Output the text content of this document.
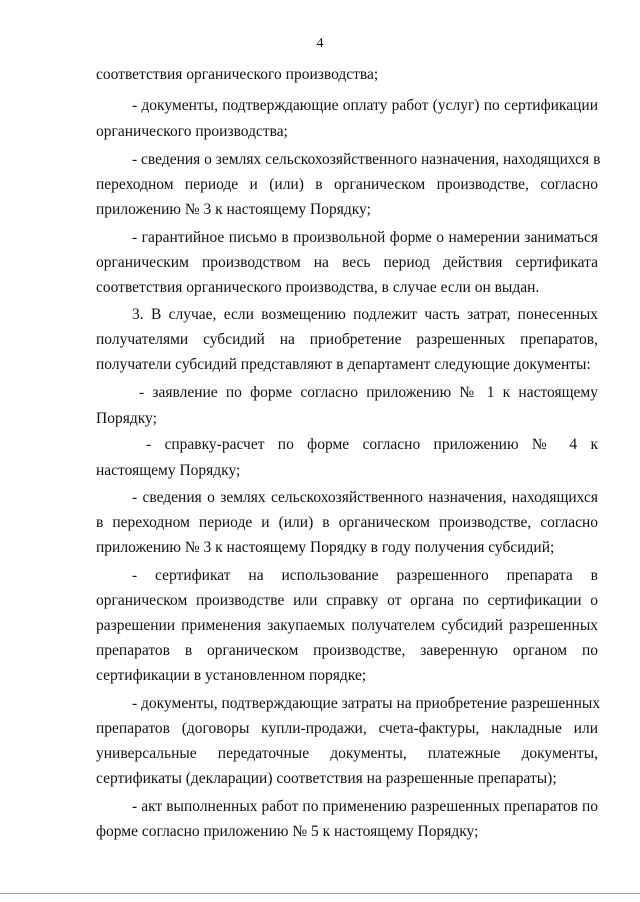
4
соответствия органического производства;
- документы, подтверждающие оплату работ (услуг) по сертификации
органического производства;
- сведения о землях сельскохозяйственного назначения, находящихся в
переходном периоде и (или) в органическом производстве, согласно
приложению № 3 к настоящему Порядку;
- гарантийное письмо в произвольной форме о намерении заниматься
органическим производством на весь период действия сертификата
соответствия органического производства, в случае если он выдан.
3. В случае, если возмещению подлежит часть затрат, понесенных
получателями субсидий на приобретение разрешенных препаратов,
получатели субсидий представляют в департамент следующие документы:
- заявление по форме согласно приложению № 1 к настоящему
Порядку;
- справку-расчет по форме согласно приложению № 4 к
настоящему Порядку;
- сведения о землях сельскохозяйственного назначения, находящихся
в переходном периоде и (или) в органическом производстве, согласно
приложению № 3 к настоящему Порядку в году получения субсидий;
- сертификат на использование разрешенного препарата в
органическом производстве или справку от органа по сертификации о
разрешении применения закупаемых получателем субсидий разрешенных
препаратов в органическом производстве, заверенную органом по
сертификации в установленном порядке;
- документы, подтверждающие затраты на приобретение разрешенных
препаратов (договоры купли-продажи, счета-фактуры, накладные или
универсальные передаточные документы, платежные документы,
сертификаты (декларации) соответствия на разрешенные препараты);
- акт выполненных работ по применению разрешенных препаратов по
форме согласно приложению № 5 к настоящему Порядку;
